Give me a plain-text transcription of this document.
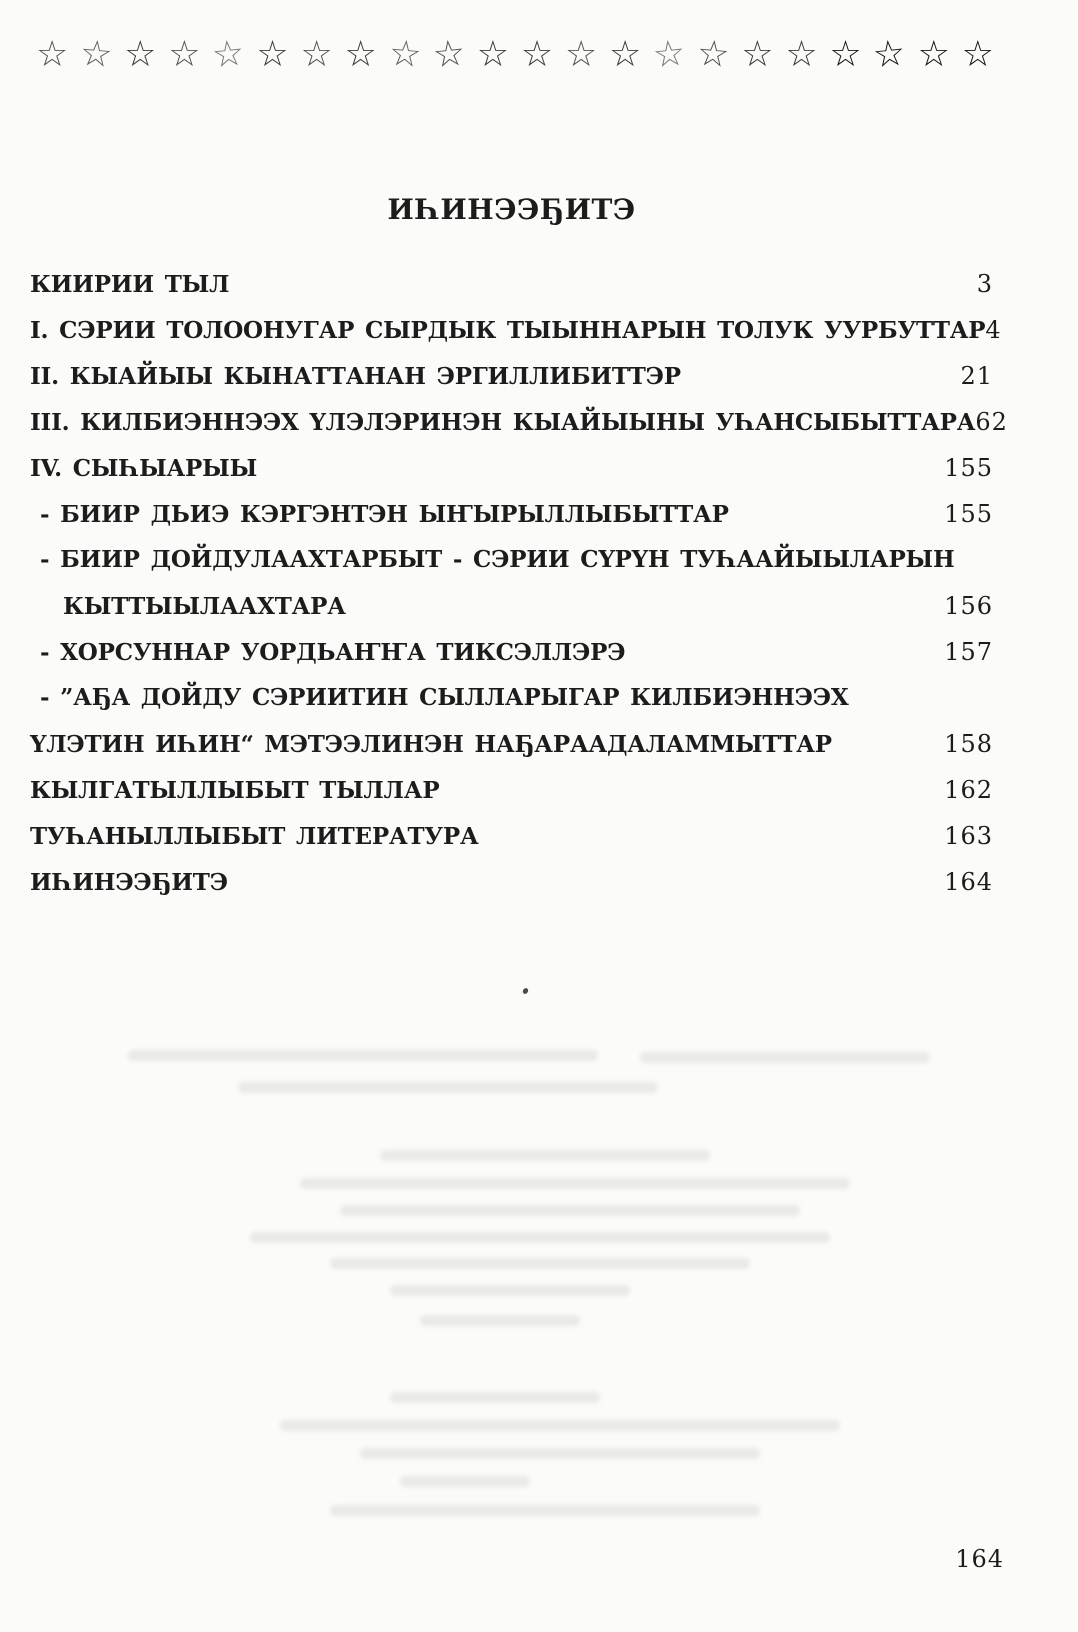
☆ ☆ ☆ ☆ ☆ ☆ ☆ ☆ ☆ ☆ ☆ ☆ ☆ ☆ ☆ ☆ ☆ ☆ ☆ ☆ ☆ ☆
ИҺИНЭЭҔИТЭ
КИИРИИ ТЫЛ	3
I. СЭРИИ ТОЛООНУГАР СЫРДЫК ТЫЫННАРЫН ТОЛУК УУРБУТТАР 4
II. КЫАЙЫЫ КЫНАТТАНАН ЭРГИЛЛИБИТТЭР	21
III. КИЛБИЭННЭЭХ ҮЛЭЛЭРИНЭН КЫАЙЫЫНЫ УҺАНСЫБЫТТАРА 62
IV. СЫҺЫАРЫЫ	155
- БИИР ДЬИЭ КЭРГЭНТЭН ЫҤЫРЫЛЛЫБЫТТАР	155
- БИИР ДОЙДУЛААХТАРБЫТ - СЭРИИ СҮРҮН ТУҺААЙЫЫЛАРЫН
КЫТТЫЫЛААХТАРА	156
- ХОРСУННАР УОРДЬАҤҤА ТИКСЭЛЛЭРЭ	157
- ”АҔА ДОЙДУ СЭРИИТИН СЫЛЛАРЫГАР КИЛБИЭННЭЭХ
ҮЛЭТИН ИҺИН“ МЭТЭЭЛИНЭН НАҔАРААДАЛАММЫТТАР	158
КЫЛГАТЫЛЛЫБЫТ ТЫЛЛАР	162
ТУҺАНЫЛЛЫБЫТ ЛИТЕРАТУРА	163
ИҺИНЭЭҔИТЭ	164
164
